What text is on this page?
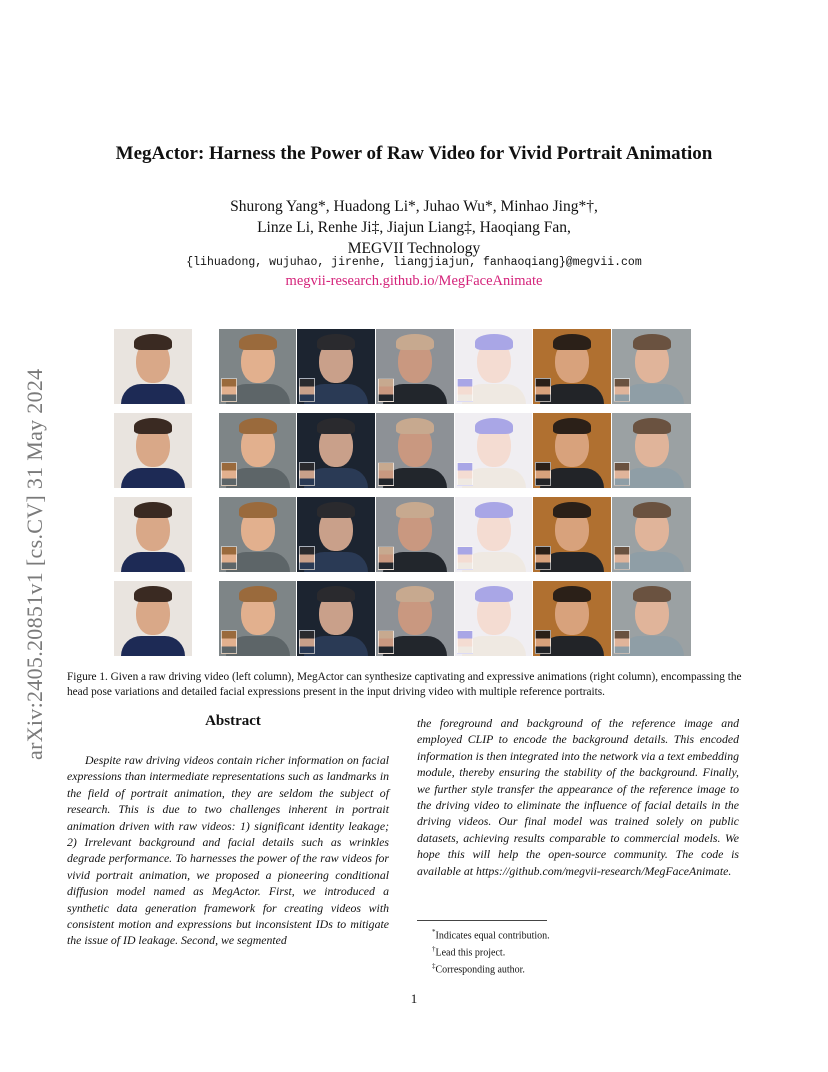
arXiv:2405.20851v1 [cs.CV] 31 May 2024
MegActor: Harness the Power of Raw Video for Vivid Portrait Animation
Shurong Yang*, Huadong Li*, Juhao Wu*, Minhao Jing*†,
Linze Li, Renhe Ji‡, Jiajun Liang‡, Haoqiang Fan,
MEGVII Technology
{lihuadong, wujuhao, jirenhe, liangjiajun, fanhaoqiang}@megvii.com
megvii-research.github.io/MegFaceAnimate
Figure 1. Given a raw driving video (left column), MegActor can synthesize captivating and expressive animations (right column), encompassing the head pose variations and detailed facial expressions present in the input driving video with multiple reference portraits.
Abstract
Despite raw driving videos contain richer information on facial expressions than intermediate representations such as landmarks in the field of portrait animation, they are seldom the subject of research. This is due to two challenges inherent in portrait animation driven with raw videos: 1) significant identity leakage; 2) Irrelevant background and facial details such as wrinkles degrade performance. To harnesses the power of the raw videos for vivid portrait animation, we proposed a pioneering conditional diffusion model named as MegActor. First, we introduced a synthetic data generation framework for creating videos with consistent motion and expressions but inconsistent IDs to mitigate the issue of ID leakage. Second, we segmented
the foreground and background of the reference image and employed CLIP to encode the background details. This encoded information is then integrated into the network via a text embedding module, thereby ensuring the stability of the background. Finally, we further style transfer the appearance of the reference image to the driving video to eliminate the influence of facial details in the driving videos. Our final model was trained solely on public datasets, achieving results comparable to commercial models. We hope this will help the open-source community. The code is available at https://github.com/megvii-research/MegFaceAnimate.
*Indicates equal contribution.
†Lead this project.
‡Corresponding author.
1
